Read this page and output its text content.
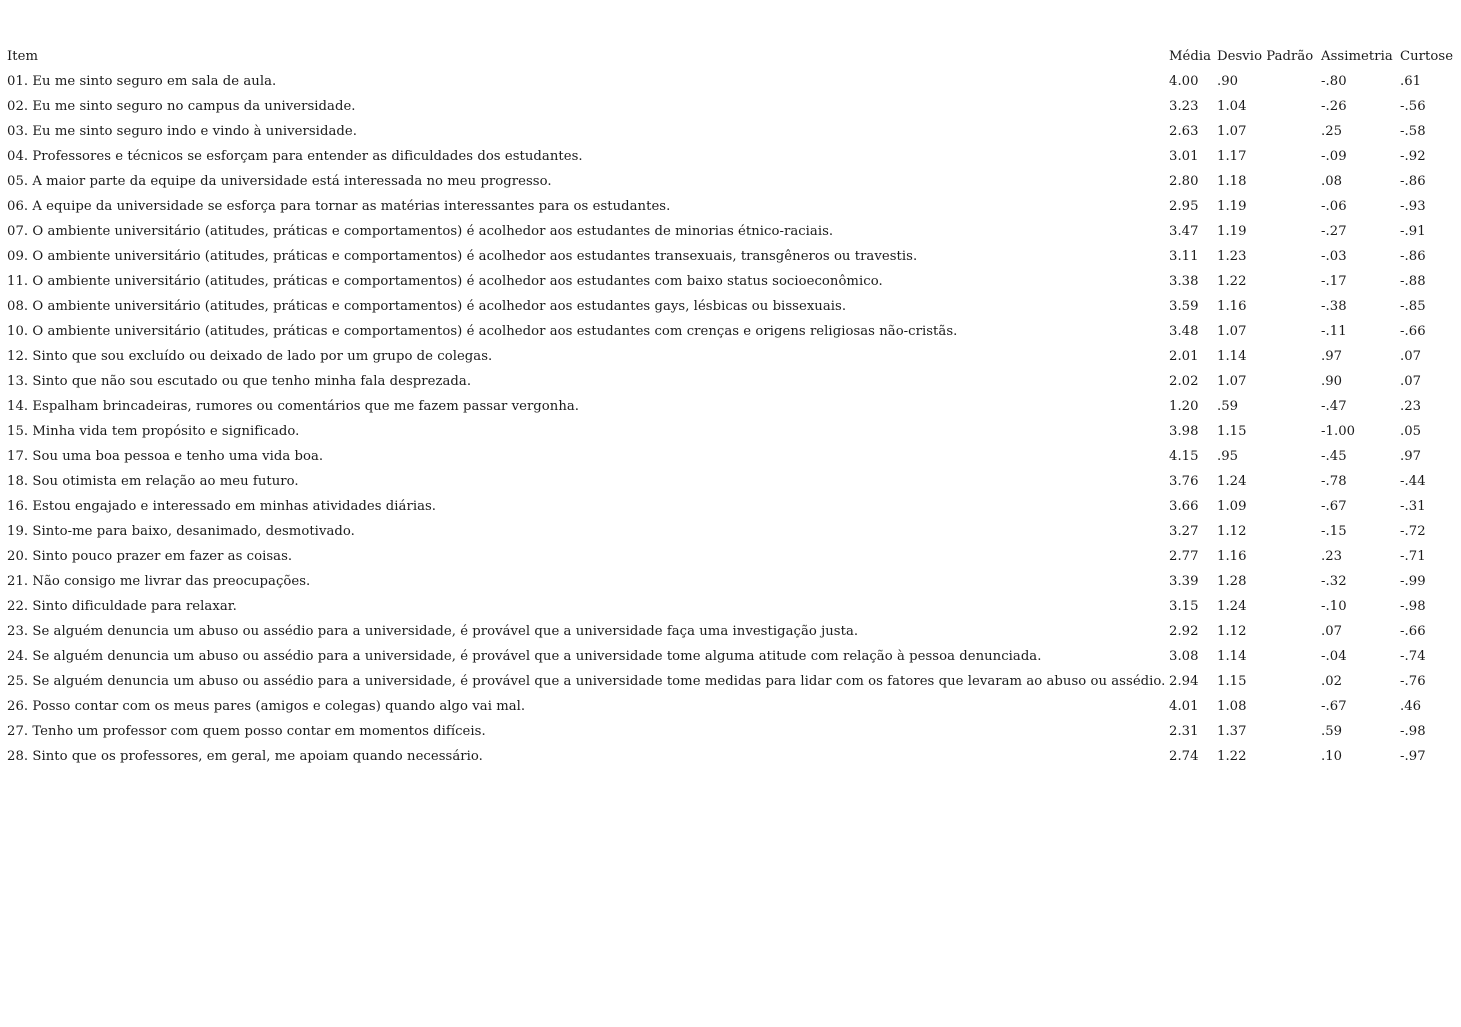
Item	Média	Desvio Padrão	Assimetria	Curtose
01. Eu me sinto seguro em sala de aula.	4.00	.90	-.80	.61
02. Eu me sinto seguro no campus da universidade.	3.23	1.04	-.26	-.56
03. Eu me sinto seguro indo e vindo à universidade.	2.63	1.07	.25	-.58
04. Professores e técnicos se esforçam para entender as dificuldades dos estudantes.	3.01	1.17	-.09	-.92
05. A maior parte da equipe da universidade está interessada no meu progresso.	2.80	1.18	.08	-.86
06. A equipe da universidade se esforça para tornar as matérias interessantes para os estudantes.	2.95	1.19	-.06	-.93
07. O ambiente universitário (atitudes, práticas e comportamentos) é acolhedor aos estudantes de minorias étnico-raciais.	3.47	1.19	-.27	-.91
09. O ambiente universitário (atitudes, práticas e comportamentos) é acolhedor aos estudantes transexuais, transgêneros ou travestis.	3.11	1.23	-.03	-.86
11. O ambiente universitário (atitudes, práticas e comportamentos) é acolhedor aos estudantes com baixo status socioeconômico.	3.38	1.22	-.17	-.88
08. O ambiente universitário (atitudes, práticas e comportamentos) é acolhedor aos estudantes gays, lésbicas ou bissexuais.	3.59	1.16	-.38	-.85
10. O ambiente universitário (atitudes, práticas e comportamentos) é acolhedor aos estudantes com crenças e origens religiosas não-cristãs.	3.48	1.07	-.11	-.66
12. Sinto que sou excluído ou deixado de lado por um grupo de colegas.	2.01	1.14	.97	.07
13. Sinto que não sou escutado ou que tenho minha fala desprezada.	2.02	1.07	.90	.07
14. Espalham brincadeiras, rumores ou comentários que me fazem passar vergonha.	1.20	.59	-.47	.23
15. Minha vida tem propósito e significado.	3.98	1.15	-1.00	.05
17. Sou uma boa pessoa e tenho uma vida boa.	4.15	.95	-.45	.97
18. Sou otimista em relação ao meu futuro.	3.76	1.24	-.78	-.44
16. Estou engajado e interessado em minhas atividades diárias.	3.66	1.09	-.67	-.31
19. Sinto-me para baixo, desanimado, desmotivado.	3.27	1.12	-.15	-.72
20. Sinto pouco prazer em fazer as coisas.	2.77	1.16	.23	-.71
21. Não consigo me livrar das preocupações.	3.39	1.28	-.32	-.99
22. Sinto dificuldade para relaxar.	3.15	1.24	-.10	-.98
23. Se alguém denuncia um abuso ou assédio para a universidade, é provável que a universidade faça uma investigação justa.	2.92	1.12	.07	-.66
24. Se alguém denuncia um abuso ou assédio para a universidade, é provável que a universidade tome alguma atitude com relação à pessoa denunciada.	3.08	1.14	-.04	-.74
25. Se alguém denuncia um abuso ou assédio para a universidade, é provável que a universidade tome medidas para lidar com os fatores que levaram ao abuso ou assédio.	2.94	1.15	.02	-.76
26. Posso contar com os meus pares (amigos e colegas) quando algo vai mal.	4.01	1.08	-.67	.46
27. Tenho um professor com quem posso contar em momentos difíceis.	2.31	1.37	.59	-.98
28. Sinto que os professores, em geral, me apoiam quando necessário.	2.74	1.22	.10	-.97
